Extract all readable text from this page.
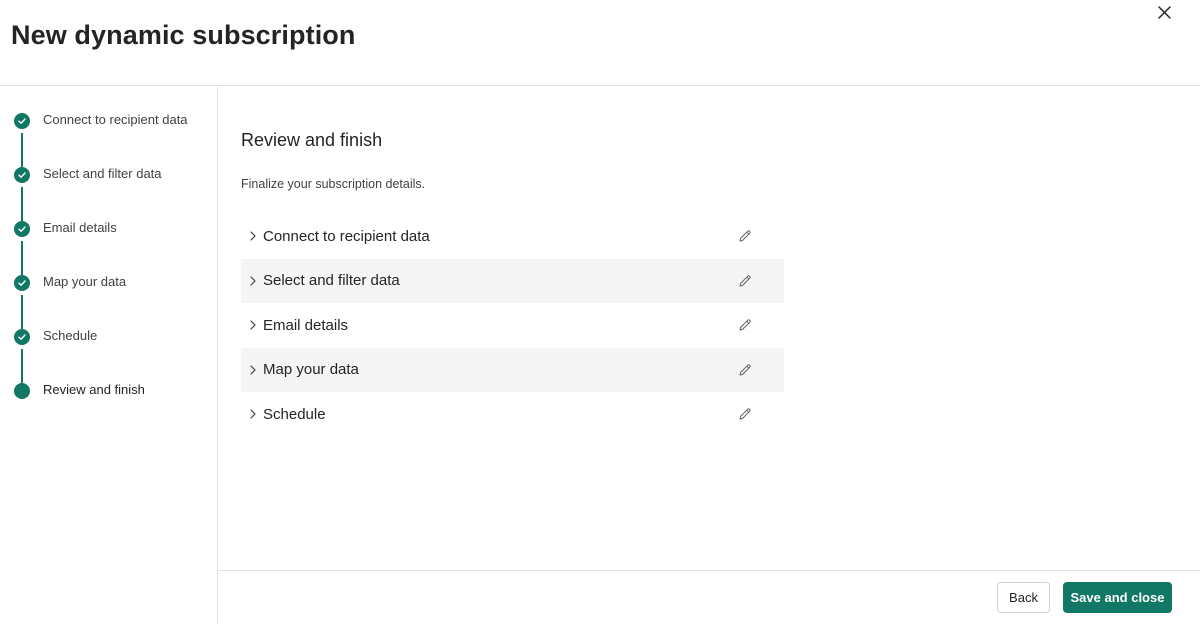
New dynamic subscription
Connect to recipient data
Select and filter data
Email details
Map your data
Schedule
Review and finish
Review and finish
Finalize your subscription details.
Connect to recipient data
Select and filter data
Email details
Map your data
Schedule
Back	Save and close
